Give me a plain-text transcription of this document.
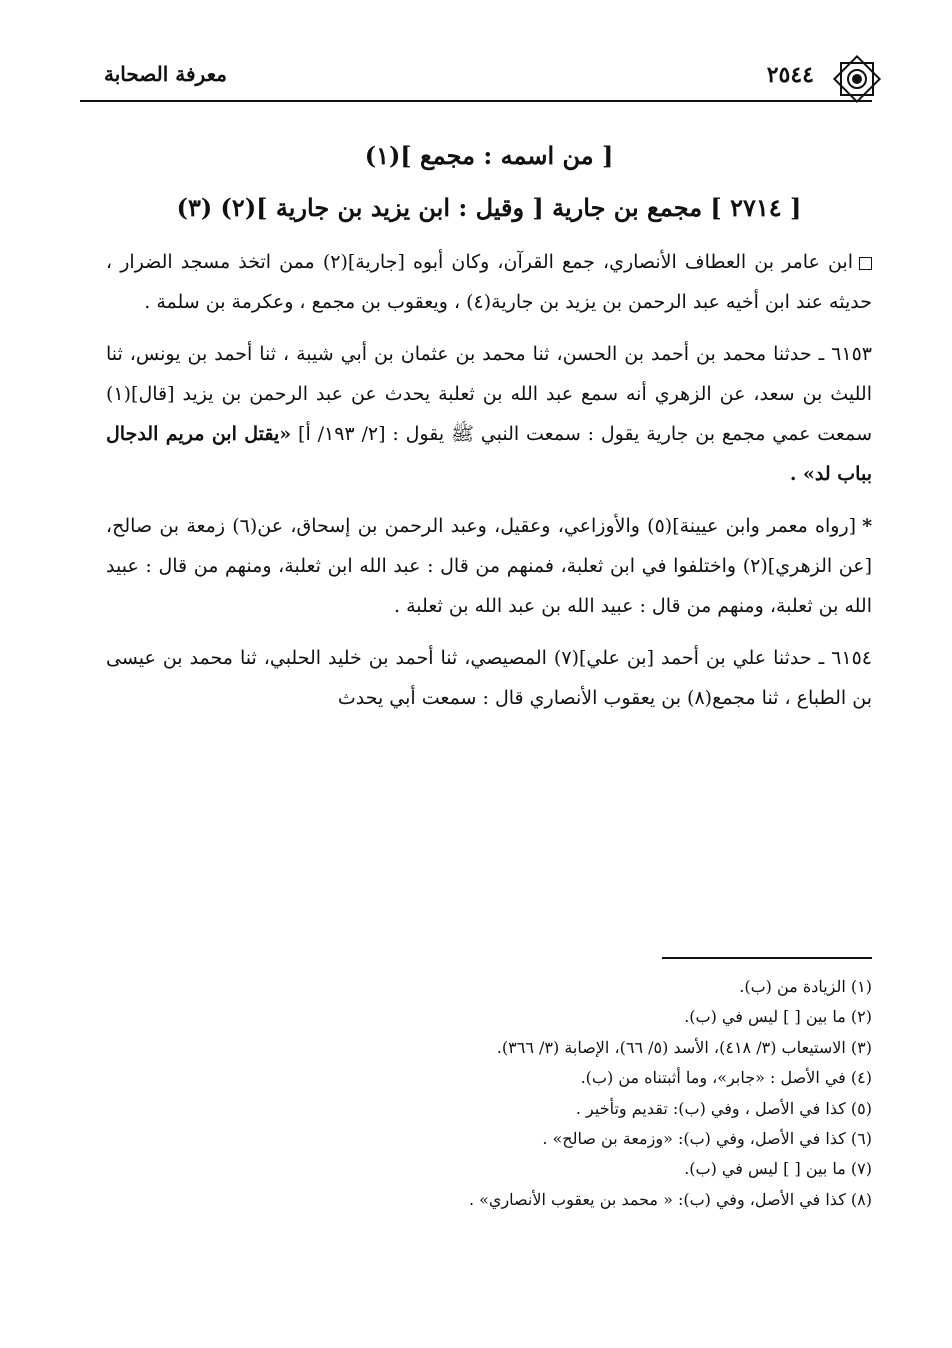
٢٥٤٤
معرفة الصحابة
[ من اسمه : مجمع ](١)
[ ٢٧١٤ ] مجمع بن جارية [ وقيل : ابن يزيد بن جارية ](٢) (٣)

ابن عامر بن العطاف الأنصاري، جمع القرآن، وكان أبوه [جارية](٢) ممن اتخذ مسجد الضرار ، حديثه عند ابن أخيه عبد الرحمن بن يزيد بن جارية(٤) ، ويعقوب بن مجمع ، وعكرمة بن سلمة .

٦١٥٣ ـ حدثنا محمد بن أحمد بن الحسن، ثنا محمد بن عثمان بن أبي شيبة ، ثنا أحمد بن يونس، ثنا الليث بن سعد، عن الزهري أنه سمع عبد الله بن ثعلبة يحدث عن عبد الرحمن بن يزيد [قال](١) سمعت عمي مجمع بن جارية يقول : سمعت النبي ﷺ يقول : [٢/ ١٩٣/ أ] «يقتل ابن مريم الدجال بباب لد» .

*[رواه معمر وابن عيينة](٥) والأوزاعي، وعقيل، وعبد الرحمن بن إسحاق، عن(٦) زمعة بن صالح، [عن الزهري](٢) واختلفوا في ابن ثعلبة، فمنهم من قال : عبد الله ابن ثعلبة، ومنهم من قال : عبيد الله بن ثعلبة، ومنهم من قال : عبيد الله بن عبد الله بن ثعلبة .

٦١٥٤ ـ حدثنا علي بن أحمد [بن علي](٧) المصيصي، ثنا أحمد بن خليد الحلبي، ثنا محمد بن عيسى بن الطباع ، ثنا مجمع(٨) بن يعقوب الأنصاري قال : سمعت أبي يحدث

(١) الزيادة من (ب).
(٢) ما بين [ ] ليس في (ب).
(٣) الاستيعاب (٣/ ٤١٨)، الأسد (٥/ ٦٦)، الإصابة (٣/ ٣٦٦).
(٤) في الأصل : «جابر»، وما أثبتناه من (ب).
(٥) كذا في الأصل ، وفي (ب): تقديم وتأخير .
(٦) كذا في الأصل، وفي (ب): «وزمعة بن صالح» .
(٧) ما بين [ ] ليس في (ب).
(٨) كذا في الأصل، وفي (ب): « محمد بن يعقوب الأنصاري» .
